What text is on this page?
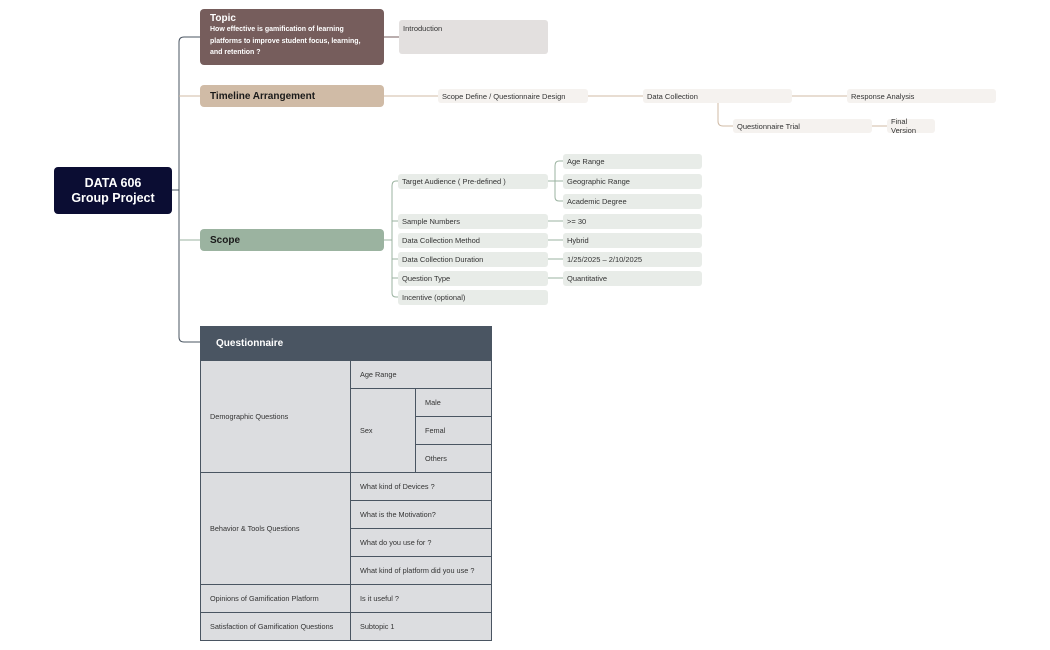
DATA 606
Group Project
Topic
How effective is gamification of learning platforms to improve student focus, learning, and retention ?
Introduction
Timeline Arrangement	Scope Define / Questionnaire Design	Data Collection	Response Analysis
Questionnaire Trial	Final Version
Scope
Target Audience ( Pre-defined )
Age Range
Geographic Range
Academic Degree
Sample Numbers	>= 30
Data Collection Method	Hybrid
Data Collection Duration	1/25/2025 – 2/10/2025
Question Type	Quantitative
Incentive (optional)
Questionnaire		
Demographic Questions	Age Range	
	Sex	Male
		Femal
		Others
Behavior & Tools Questions	What kind of Devices ?	
	What is the Motivation?	
	What do you use for ?	
	What kind of platform did you use ?	
Opinions of Gamification Platform	Is it useful ?	
Satisfaction of Gamification Questions	Subtopic 1	
